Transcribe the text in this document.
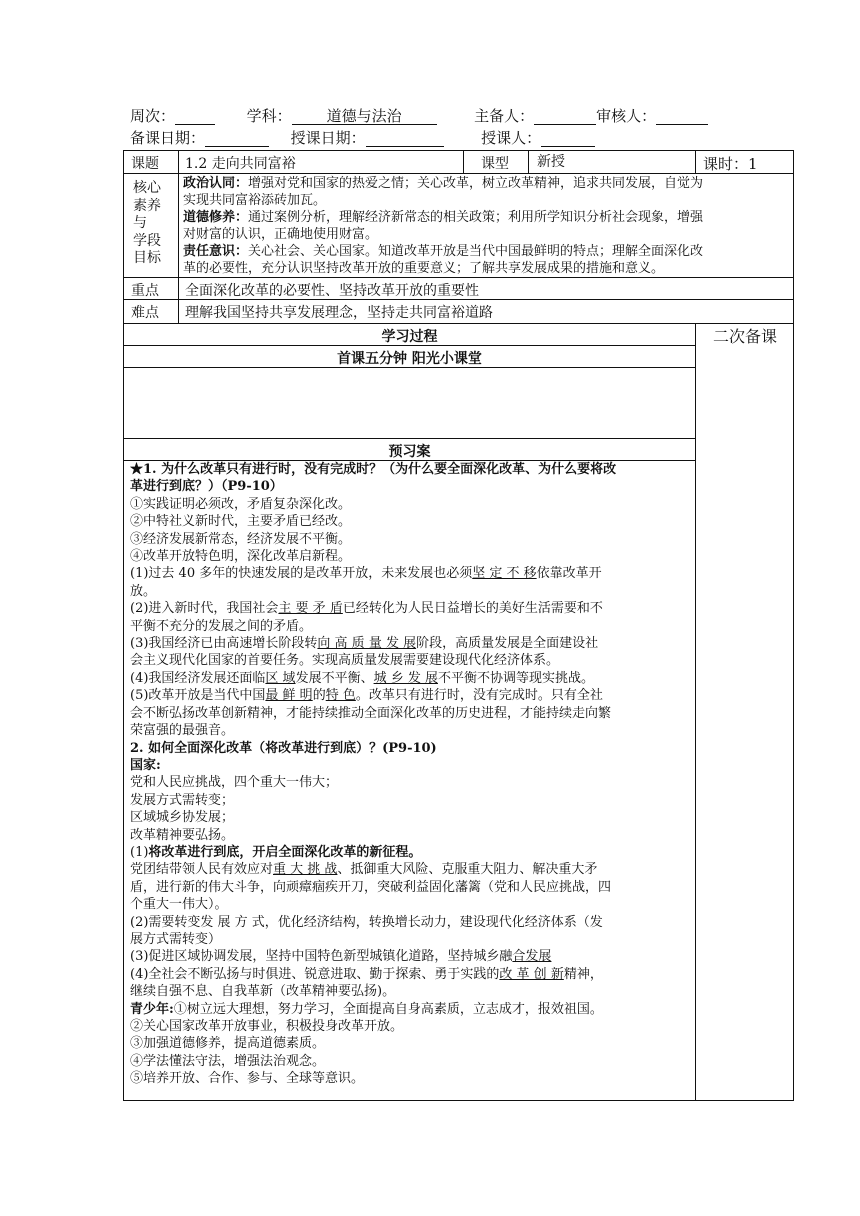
周次：	学科： 道德与法治	主备人：	审核人：
备课日期：	授课日期：	授课人：
课题 1.2 走向共同富裕	课型 新授	课时：1
核心
素养
与
学段
目标

政治认同：增强对党和国家的热爱之情；关心改革，树立改革精神，追求共同发展，自觉为

实现共同富裕添砖加瓦。

道德修养：通过案例分析，理解经济新常态的相关政策；利用所学知识分析社会现象，增强

对财富的认识，正确地使用财富。

责任意识：关心社会、关心国家。知道改革开放是当代中国最鲜明的特点；理解全面深化改

革的必要性，充分认识坚持改革开放的重要意义；了解共享发展成果的措施和意义。

重点 全面深化改革的必要性、坚持改革开放的重要性
难点 理解我国坚持共享发展理念，坚持走共同富裕道路
学习过程	二次备课
首课五分钟 阳光小课堂
预习案

★1. 为什么改革只有进行时，没有完成时？（为什么要全面深化改革、为什么要将改

革进行到底？）（P9-10）

①实践证明必须改，矛盾复杂深化改。

②中特社义新时代，主要矛盾已经改。

③经济发展新常态，经济发展不平衡。

④改革开放特色明，深化改革启新程。

(1)过去 40 多年的快速发展的是改革开放，未来发展也必须坚 定 不 移依靠改革开

放。

(2)进入新时代，我国社会主 要 矛 盾已经转化为人民日益增长的美好生活需要和不

平衡不充分的发展之间的矛盾。

(3)我国经济已由高速增长阶段转向 高 质 量 发 展阶段，高质量发展是全面建设社

会主义现代化国家的首要任务。实现高质量发展需要建设现代化经济体系。

(4)我国经济发展还面临区 域发展不平衡、城 乡 发 展不平衡不协调等现实挑战。

(5)改革开放是当代中国最 鲜 明的特 色。改革只有进行时，没有完成时。只有全社

会不断弘扬改革创新精神，才能持续推动全面深化改革的历史进程，才能持续走向繁

荣富强的最强音。

2. 如何全面深化改革（将改革进行到底）？(P9-10)

国家:

党和人民应挑战，四个重大一伟大；

发展方式需转变；

区域城乡协发展；

改革精神要弘扬。

(1)将改革进行到底，开启全面深化改革的新征程。

党团结带领人民有效应对重 大 挑 战、抵御重大风险、克服重大阻力、解决重大矛

盾，进行新的伟大斗争，向顽瘴痼疾开刀，突破利益固化藩篱（党和人民应挑战，四

个重大一伟大）。

(2)需要转变发 展 方 式，优化经济结构，转换增长动力，建设现代化经济体系（发

展方式需转变）

(3)促进区域协调发展，坚持中国特色新型城镇化道路，坚持城乡融合发展

(4)全社会不断弘扬与时俱进、锐意进取、勤于探索、勇于实践的改 革 创 新精神，

继续自强不息、自我革新（改革精神要弘扬)。

青少年:①树立远大理想，努力学习，全面提高自身高素质，立志成才，报效祖国。

②关心国家改革开放事业，积极投身改革开放。

③加强道德修养，提高道德素质。

④学法懂法守法，增强法治观念。

⑤培养开放、合作、参与、全球等意识。
